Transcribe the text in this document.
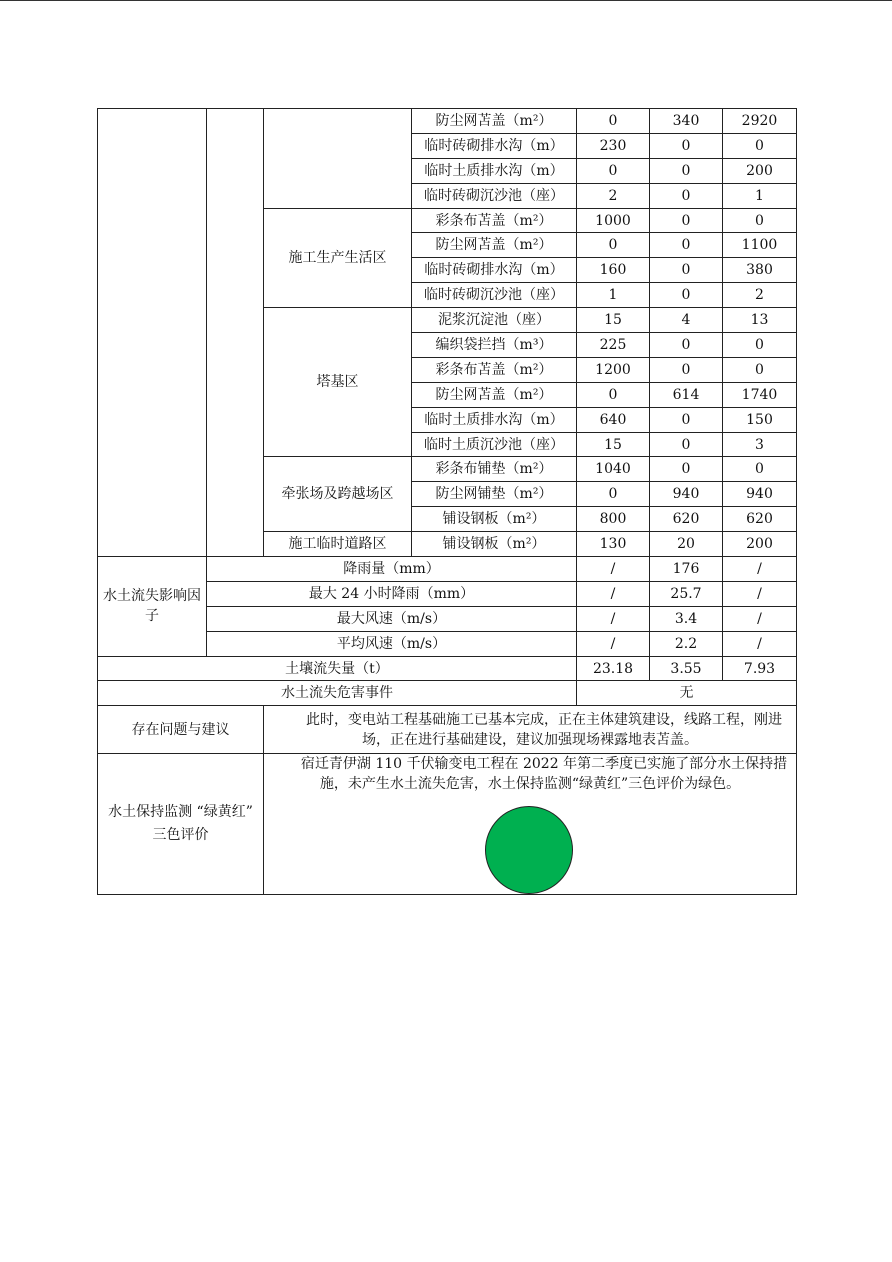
			防尘网苫盖（m²）	0	340	2920
			临时砖砌排水沟（m）	230	0	0
			临时土质排水沟（m）	0	0	200
			临时砖砌沉沙池（座）	2	0	1
		施工生产生活区	彩条布苫盖（m²）	1000	0	0
			防尘网苫盖（m²）	0	0	1100
			临时砖砌排水沟（m）	160	0	380
			临时砖砌沉沙池（座）	1	0	2
		塔基区	泥浆沉淀池（座）	15	4	13
			编织袋拦挡（m³）	225	0	0
			彩条布苫盖（m²）	1200	0	0
			防尘网苫盖（m²）	0	614	1740
			临时土质排水沟（m）	640	0	150
			临时土质沉沙池（座）	15	0	3
		牵张场及跨越场区	彩条布铺垫（m²）	1040	0	0
			防尘网铺垫（m²）	0	940	940
			铺设钢板（m²）	800	620	620
		施工临时道路区	铺设钢板（m²）	130	20	200
水土流失影响因子	降雨量（mm）			/	176	/
	最大 24 小时降雨（mm）			/	25.7	/
	最大风速（m/s）			/	3.4	/
	平均风速（m/s）			/	2.2	/
土壤流失量（t）				23.18	3.55	7.93
水土流失危害事件				无		
存在问题与建议		此时，变电站工程基础施工已基本完成，正在主体建筑建设，线路工程，刚进场，正在进行基础建设，建议加强现场裸露地表苫盖。				
水土保持监测 “绿黄红” 三色评价		宿迁青伊湖 110 千伏输变电工程在 2022 年第二季度已实施了部分水土保持措施，未产生水土流失危害，水土保持监测“绿黄红”三色评价为绿色。				
